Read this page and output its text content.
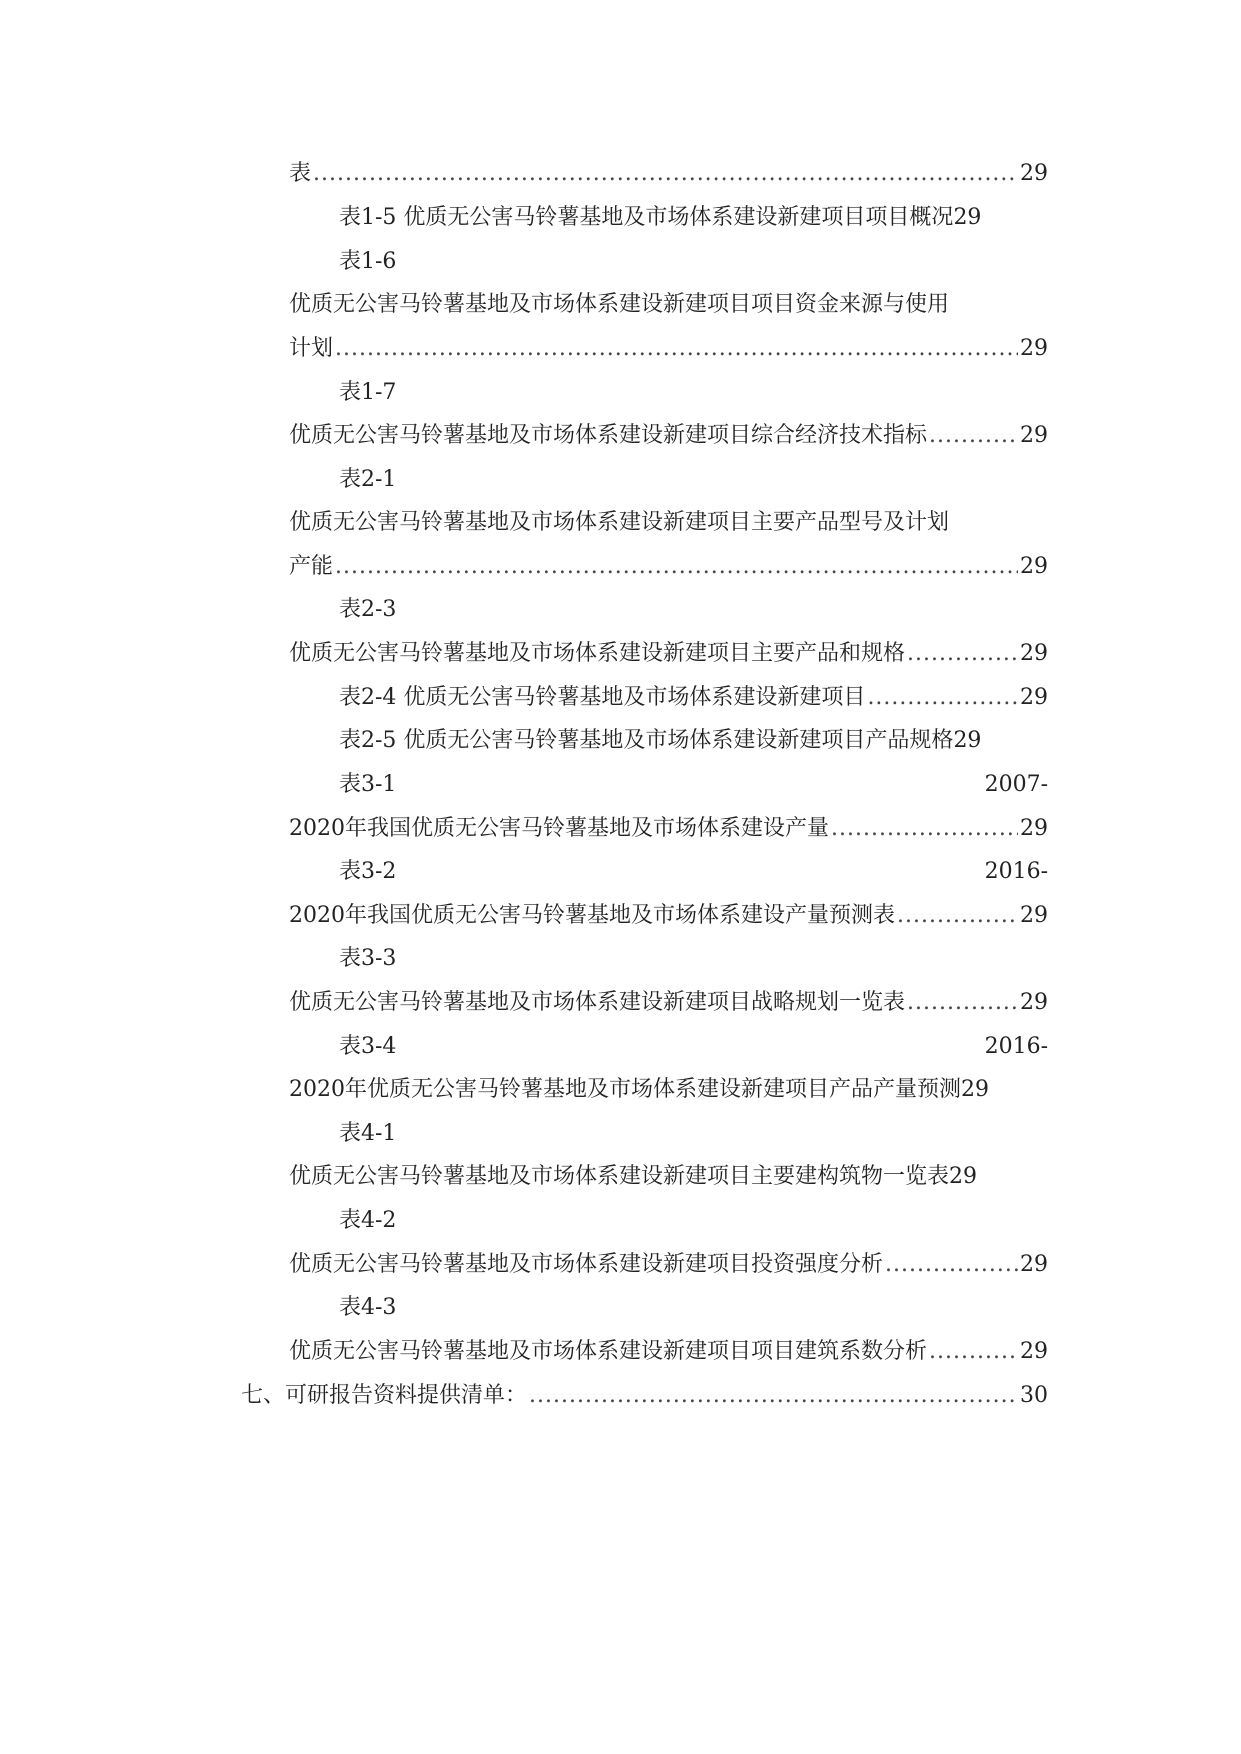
表 .....	29
表1-5 优质无公害马铃薯基地及市场体系建设新建项目项目概况 29
表1-6
优质无公害马铃薯基地及市场体系建设新建项目项目资金来源与使用
计划 .....	29
表1-7
优质无公害马铃薯基地及市场体系建设新建项目综合经济技术指标 .....	29
表2-1
优质无公害马铃薯基地及市场体系建设新建项目主要产品型号及计划
产能 .....	29
表2-3
优质无公害马铃薯基地及市场体系建设新建项目主要产品和规格 .....	29
表2-4 优质无公害马铃薯基地及市场体系建设新建项目 .....	29
表2-5 优质无公害马铃薯基地及市场体系建设新建项目产品规格 29
表3-1	2007-
2020年我国优质无公害马铃薯基地及市场体系建设产量 .....	29
表3-2	2016-
2020年我国优质无公害马铃薯基地及市场体系建设产量预测表 .....	29
表3-3
优质无公害马铃薯基地及市场体系建设新建项目战略规划一览表 .....	29
表3-4	2016-
2020年优质无公害马铃薯基地及市场体系建设新建项目产品产量预测 29
表4-1
优质无公害马铃薯基地及市场体系建设新建项目主要建构筑物一览表 29
表4-2
优质无公害马铃薯基地及市场体系建设新建项目投资强度分析 .....	29
表4-3
优质无公害马铃薯基地及市场体系建设新建项目项目建筑系数分析 .....	29
七、可研报告资料提供清单： .....	30
